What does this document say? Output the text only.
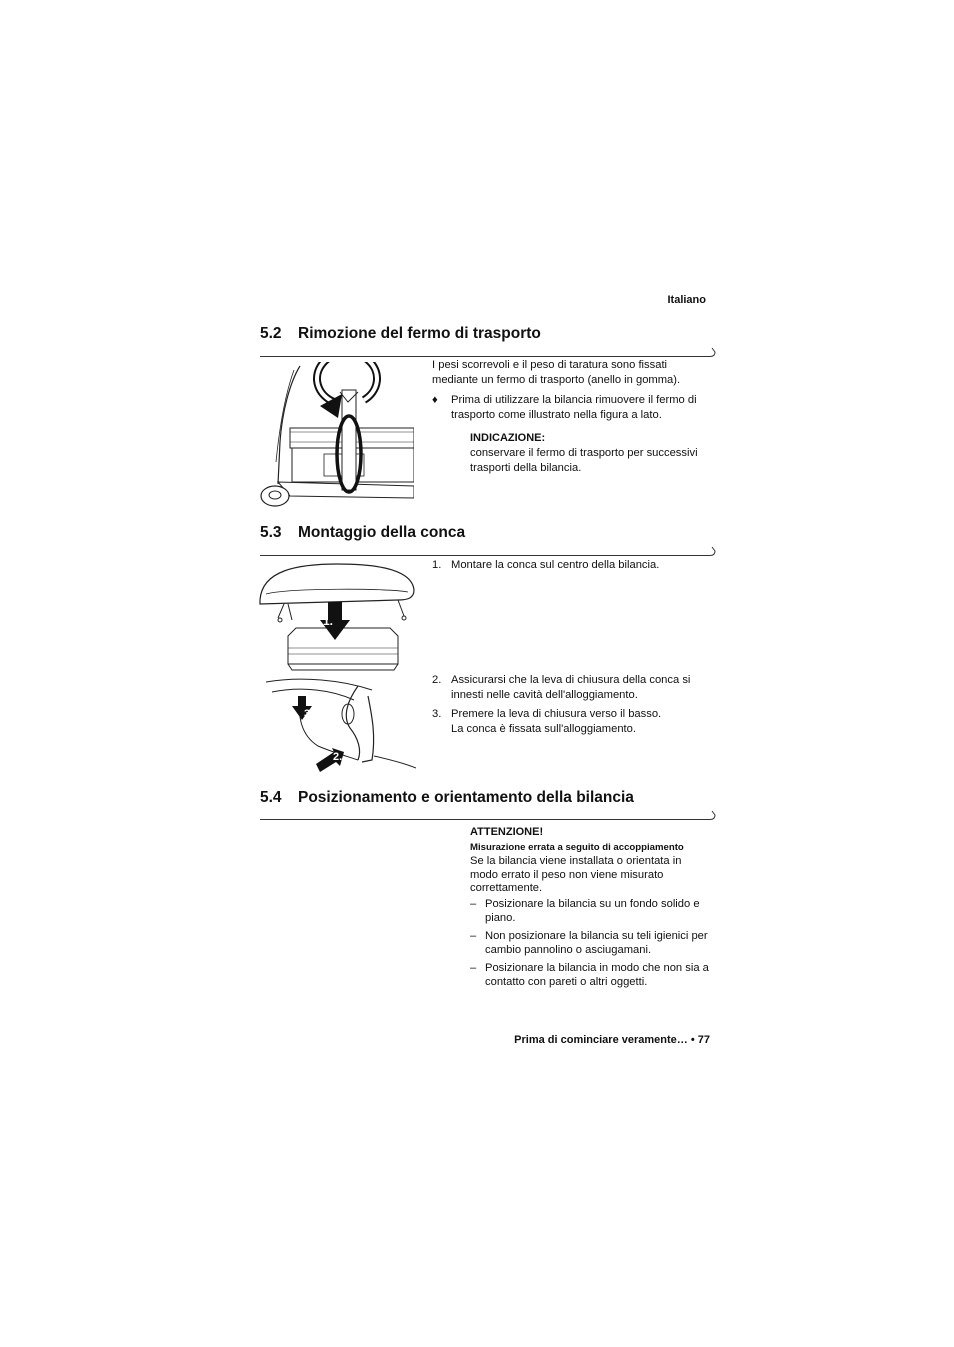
Italiano
5.2 Rimozione del fermo di trasporto
I pesi scorrevoli e il peso di taratura sono fissati
mediante un fermo di trasporto (anello in gomma).
♦ Prima di utilizzare la bilancia rimuovere il fermo di
trasporto come illustrato nella figura a lato.
INDICAZIONE:
conservare il fermo di trasporto per successivi
trasporti della bilancia.
5.3 Montaggio della conca
1.
3.
2.
1. Montare la conca sul centro della bilancia.
2. Assicurarsi che la leva di chiusura della conca si
innesti nelle cavità dell'alloggiamento.
3. Premere la leva di chiusura verso il basso.
La conca è fissata sull'alloggiamento.
5.4 Posizionamento e orientamento della bilancia
ATTENZIONE!
Misurazione errata a seguito di accoppiamento
Se la bilancia viene installata o orientata in
modo errato il peso non viene misurato
correttamente.
– Posizionare la bilancia su un fondo solido e
piano.
– Non posizionare la bilancia su teli igienici per
cambio pannolino o asciugamani.
– Posizionare la bilancia in modo che non sia a
contatto con pareti o altri oggetti.
Prima di cominciare veramente… • 77
